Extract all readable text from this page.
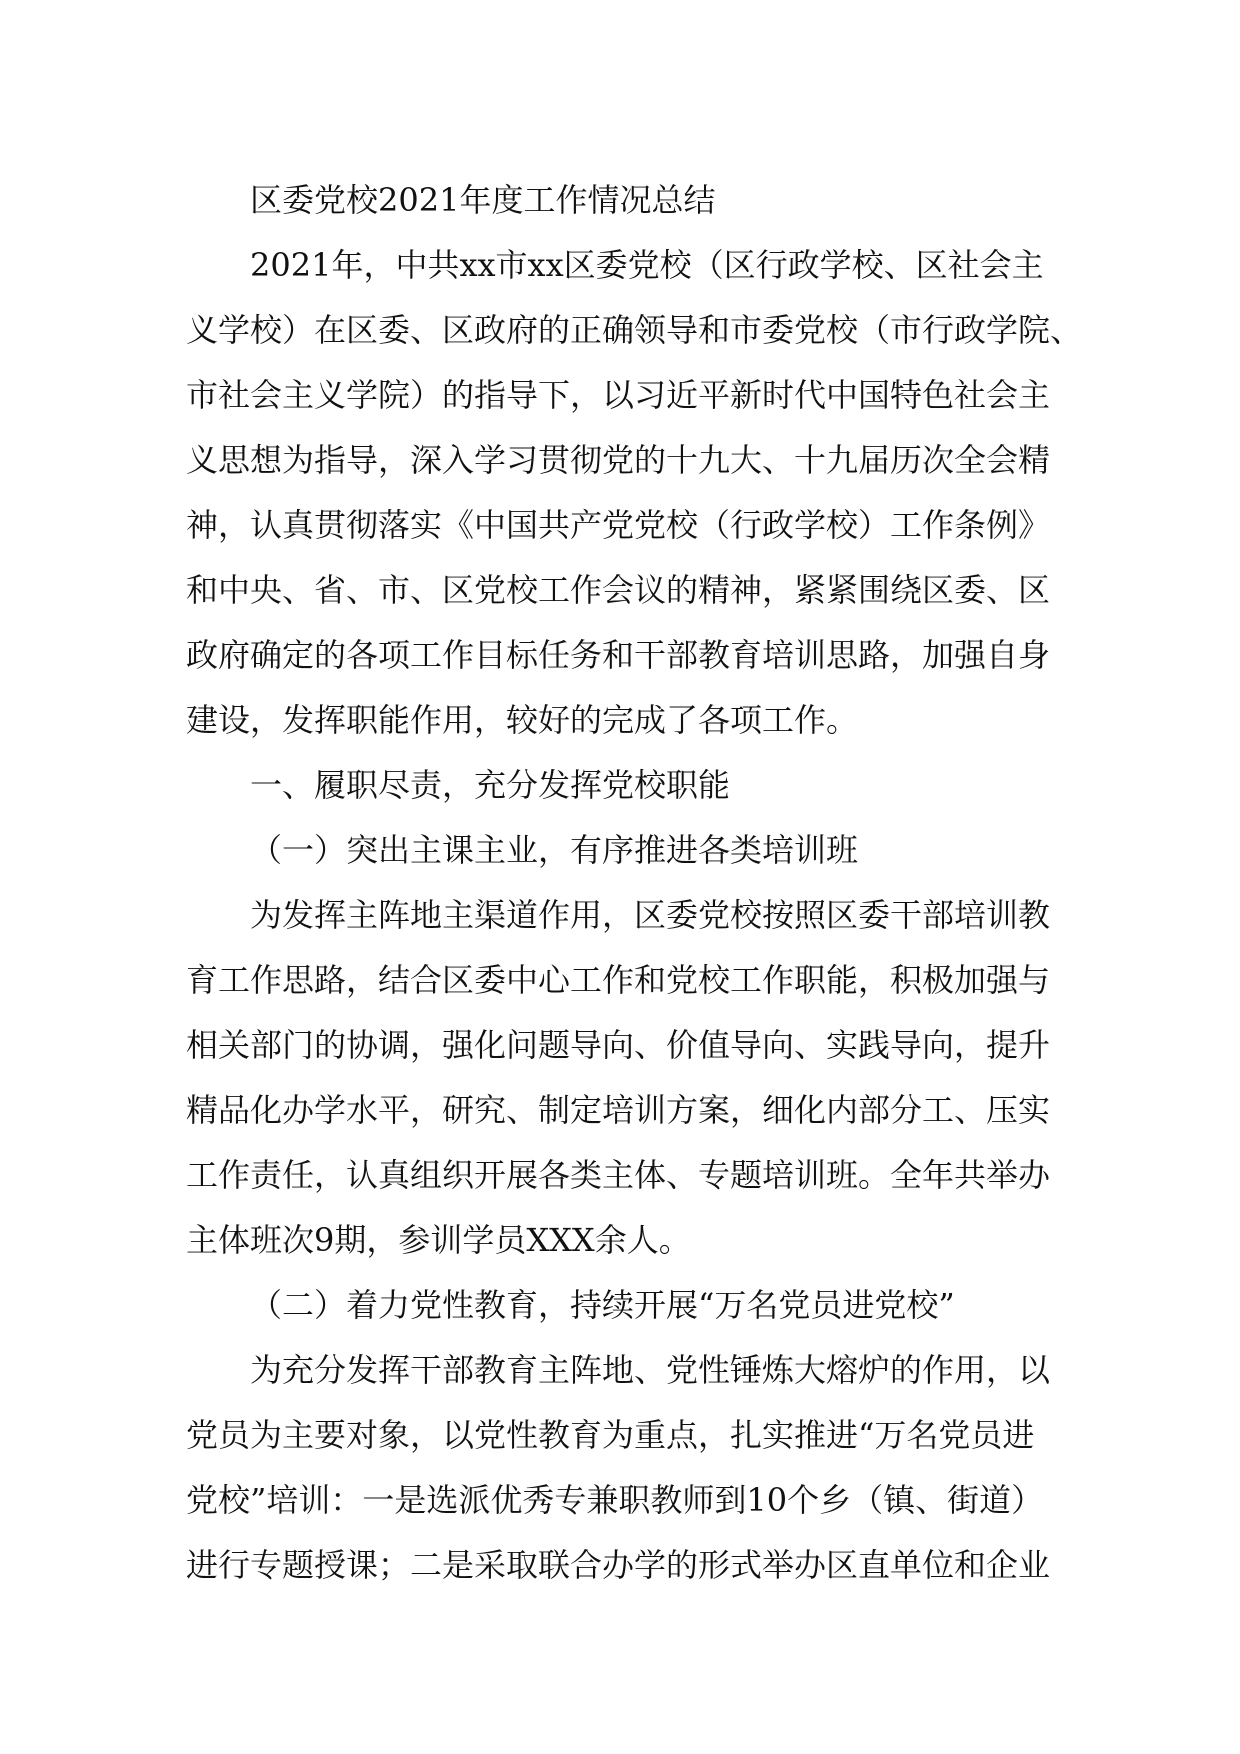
区委党校2021年度工作情况总结
2021年，中共xx市xx区委党校（区行政学校、区社会主
义学校）在区委、区政府的正确领导和市委党校（市行政学院、
市社会主义学院）的指导下，以习近平新时代中国特色社会主
义思想为指导，深入学习贯彻党的十九大、十九届历次全会精
神，认真贯彻落实《中国共产党党校（行政学校）工作条例》
和中央、省、市、区党校工作会议的精神，紧紧围绕区委、区
政府确定的各项工作目标任务和干部教育培训思路，加强自身
建设，发挥职能作用，较好的完成了各项工作。
一、履职尽责，充分发挥党校职能
（一）突出主课主业，有序推进各类培训班
为发挥主阵地主渠道作用，区委党校按照区委干部培训教
育工作思路，结合区委中心工作和党校工作职能，积极加强与
相关部门的协调，强化问题导向、价值导向、实践导向，提升
精品化办学水平，研究、制定培训方案，细化内部分工、压实
工作责任，认真组织开展各类主体、专题培训班。全年共举办
主体班次9期，参训学员XXX余人。
（二）着力党性教育，持续开展“万名党员进党校”
为充分发挥干部教育主阵地、党性锤炼大熔炉的作用，以
党员为主要对象，以党性教育为重点，扎实推进“万名党员进
党校”培训：一是选派优秀专兼职教师到10个乡（镇、街道）
进行专题授课；二是采取联合办学的形式举办区直单位和企业
